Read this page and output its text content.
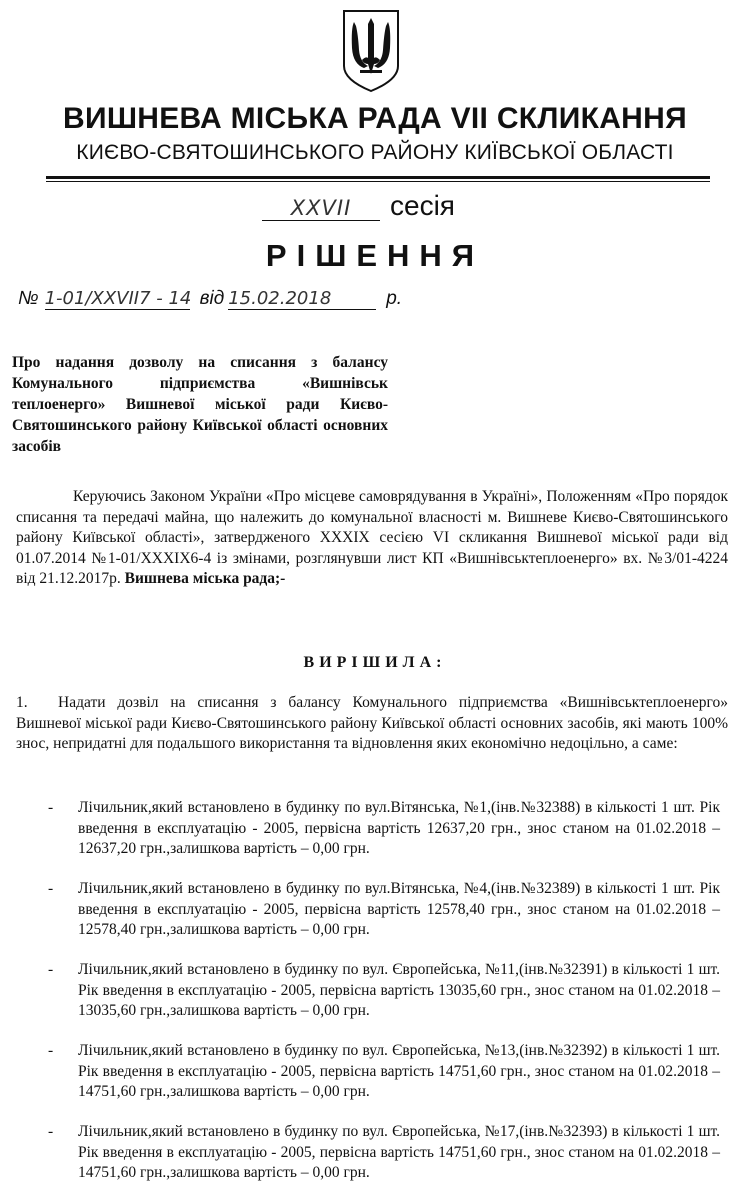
ВИШНЕВА МІСЬКА РАДА VII СКЛИКАННЯ
КИЄВО-СВЯТОШИНСЬКОГО РАЙОНУ КИЇВСЬКОЇ ОБЛАСТІ
XXVII сесія
РІШЕННЯ
№ 1-01/XXVII7 - 14 від 15.02.2018	р.
Про надання дозволу на списання з балансу Комунального підприємства «Вишнівськ теплоенерго» Вишневої міської ради Києво-Святошинського району Київської області основних засобів
Керуючись Законом України «Про місцеве самоврядування в Україні», Положенням «Про порядок списання та передачі майна, що належить до комунальної власності м. Вишневе Києво-Святошинського району Київської області», затвердженого XXXIX сесією VI скликання Вишневої міської ради від 01.07.2014 №1-01/XXXIX6-4 із змінами, розглянувши лист КП «Вишнівськтеплоенерго» вх. №3/01-4224 від 21.12.2017р. Вишнева міська рада;-
ВИРІШИЛА:
1. Надати дозвіл на списання з балансу Комунального підприємства «Вишнівськтеплоенерго» Вишневої міської ради Києво-Святошинського району Київської області основних засобів, які мають 100% знос, непридатні для подальшого використання та відновлення яких економічно недоцільно, а саме:
- Лічильник,який встановлено в будинку по вул.Вітянська, №1,(інв.№32388) в кількості 1 шт. Рік введення в експлуатацію - 2005, первісна вартість 12637,20 грн., знос станом на 01.02.2018 – 12637,20 грн.,залишкова вартість – 0,00 грн.
- Лічильник,який встановлено в будинку по вул.Вітянська, №4,(інв.№32389) в кількості 1 шт. Рік введення в експлуатацію - 2005, первісна вартість 12578,40 грн., знос станом на 01.02.2018 – 12578,40 грн.,залишкова вартість – 0,00 грн.
- Лічильник,який встановлено в будинку по вул. Європейська, №11,(інв.№32391) в кількості 1 шт. Рік введення в експлуатацію - 2005, первісна вартість 13035,60 грн., знос станом на 01.02.2018 – 13035,60 грн.,залишкова вартість – 0,00 грн.
- Лічильник,який встановлено в будинку по вул. Європейська, №13,(інв.№32392) в кількості 1 шт. Рік введення в експлуатацію - 2005, первісна вартість 14751,60 грн., знос станом на 01.02.2018 – 14751,60 грн.,залишкова вартість – 0,00 грн.
- Лічильник,який встановлено в будинку по вул. Європейська, №17,(інв.№32393) в кількості 1 шт. Рік введення в експлуатацію - 2005, первісна вартість 14751,60 грн., знос станом на 01.02.2018 – 14751,60 грн.,залишкова вартість – 0,00 грн.
